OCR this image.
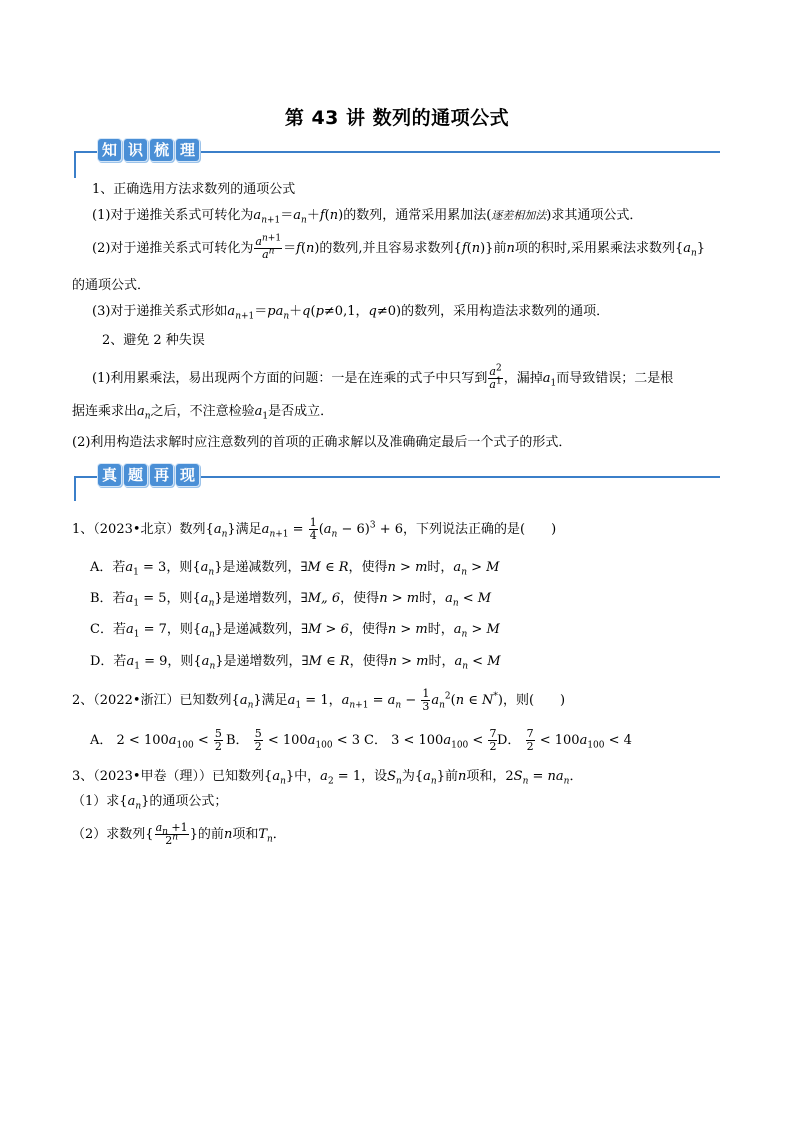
第 43 讲 数列的通项公式
知 识 梳 理
1、正确选用方法求数列的通项公式
(1)对于递推关系式可转化为$a_{n+1}=a_n+f(n)$的数列，通常采用累加法(逐差相加法)求其通项公式．
(2)对于递推关系式可转化为 $\frac{a^{n+1}}{a^n} =f(n)$的数列,并且容易求数列{f(n)}前n项的积时,采用累乘法求数列$\{a_n\}$
的通项公式．
(3)对于递推关系式形如$a_{n+1}=pa_n+q(p\ne 0,1$，q≠0)的数列，采用构造法求数列的通项．
2、避免 2 种失误
(1)利用累乘法，易出现两个方面的问题：一是在连乘的式子中只写到 $\frac{a^2}{a^1}$ ，漏掉$a_1$而导致错误；二是根
据连乘求出$a_n$之后，不注意检验$a_1$是否成立．
(2)利用构造法求解时应注意数列的首项的正确求解以及准确确定最后一个式子的形式．
真 题 再 现
1、（2023•北京）数列$\{a_n\}$满足$a_{n+1} = \frac{1}{4} (a_n - 6)^3 + 6$，下列说法正确的是(　　)
A．若$a_1 = 3$，则$\{a_n\}$是递减数列，∃M ∈ R，使得n > m时，$a_n > M$
B．若$a_1 = 5$，则$\{a_n\}$是递增数列，∃M„ 6，使得n > m时，$a_n < M$
C．若$a_1 = 7$，则$\{a_n\}$是递减数列，∃M > 6，使得n > m时，$a_n > M$
D．若$a_1 = 9$，则$\{a_n\}$是递增数列，∃M ∈ R，使得n > m时，$a_n < M$
2、（2022•浙江）已知数列$\{a_n\}$满足$a_1 = 1$，$a_{n+1} = a_n - \frac{1}{3} a_n^2(n$ ∈ N*)，则(　　)
A． $2 < 100a_{100} < \frac{5}{2}$ B． $\frac{5}{2} < 100a_{100} < 3$ C． $3 < 100a_{100} < \frac{7}{2}$ D． $\frac{7}{2} < 100a_{100} < 4$
3、（2023•甲卷（理））已知数列$\{a_n\}$中，$a_2 = 1$，设$S_n$为$\{a_n\}$前n项和，$2S_n = na_n$．
（1）求$\{a_n\}$的通项公式；
（2）求数列{ $\frac{a_n +1}{2^n}$ }的前n项和$T_n$．
